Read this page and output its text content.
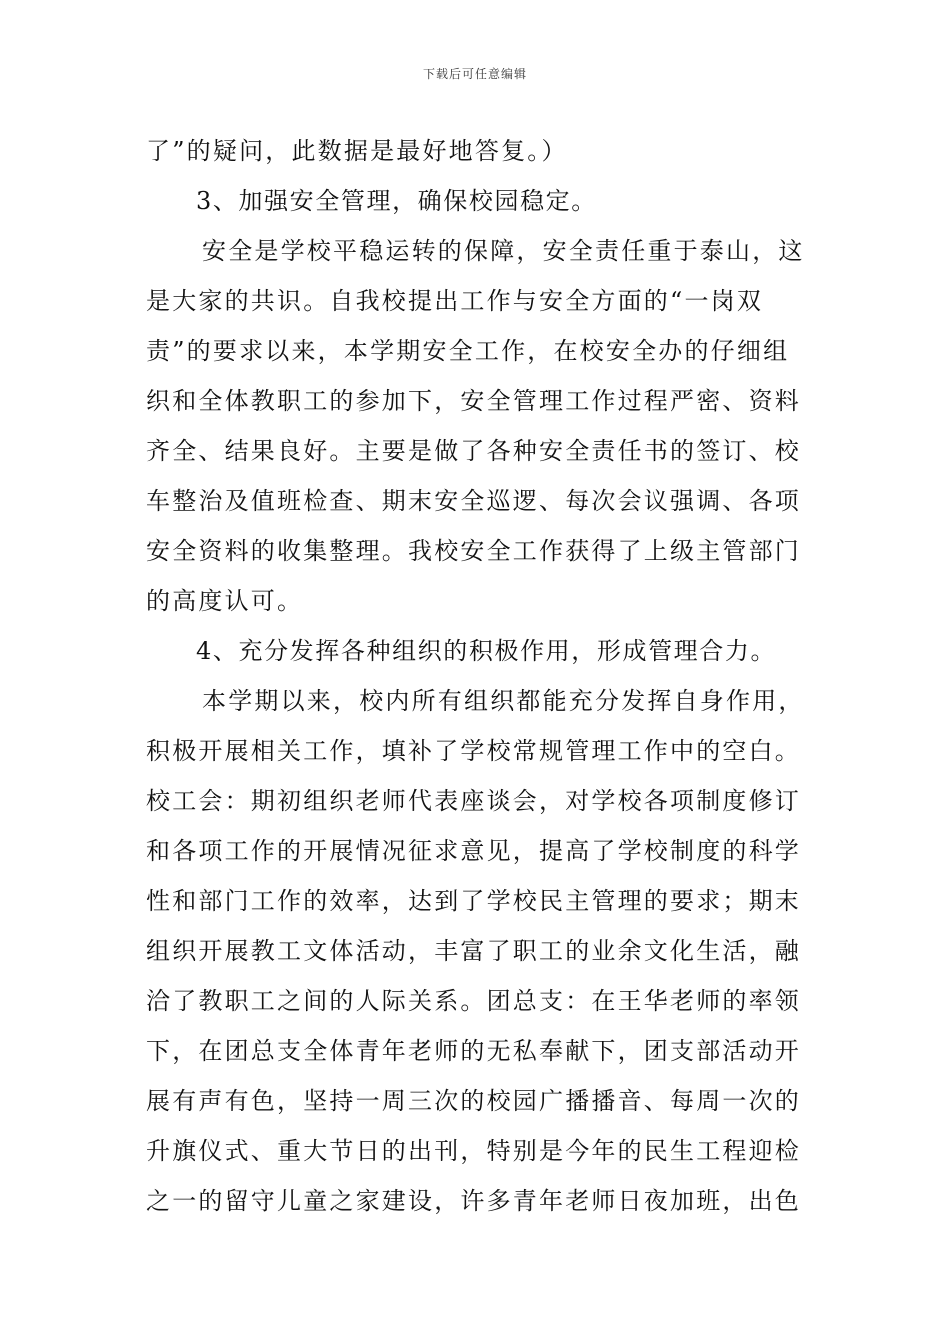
下载后可任意编辑
了”的疑问，此数据是最好地答复。）
3、加强安全管理，确保校园稳定。
安全是学校平稳运转的保障，安全责任重于泰山，这
是大家的共识。自我校提出工作与安全方面的“一岗双
责”的要求以来，本学期安全工作，在校安全办的仔细组
织和全体教职工的参加下，安全管理工作过程严密、资料
齐全、结果良好。主要是做了各种安全责任书的签订、校
车整治及值班检查、期末安全巡逻、每次会议强调、各项
安全资料的收集整理。我校安全工作获得了上级主管部门
的高度认可。
4、充分发挥各种组织的积极作用，形成管理合力。
本学期以来，校内所有组织都能充分发挥自身作用，
积极开展相关工作，填补了学校常规管理工作中的空白。
校工会：期初组织老师代表座谈会，对学校各项制度修订
和各项工作的开展情况征求意见，提高了学校制度的科学
性和部门工作的效率，达到了学校民主管理的要求；期末
组织开展教工文体活动，丰富了职工的业余文化生活，融
洽了教职工之间的人际关系。团总支：在王华老师的率领
下，在团总支全体青年老师的无私奉献下，团支部活动开
展有声有色，坚持一周三次的校园广播播音、每周一次的
升旗仪式、重大节日的出刊，特别是今年的民生工程迎检
之一的留守儿童之家建设，许多青年老师日夜加班，出色
